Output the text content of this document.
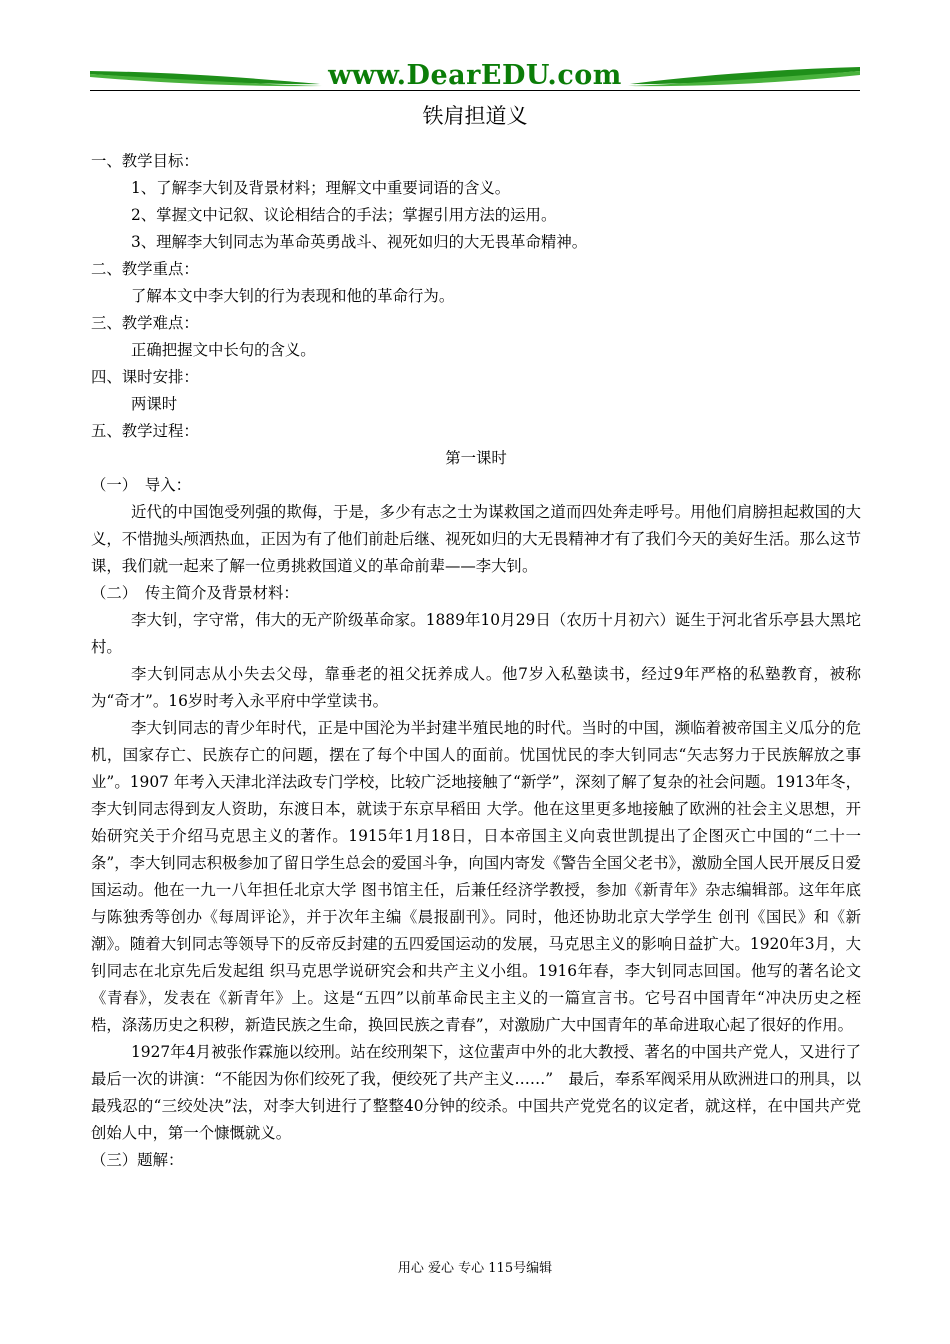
www.DearEDU.com
铁肩担道义

一、教学目标：

1、了解李大钊及背景材料；理解文中重要词语的含义。

2、掌握文中记叙、议论相结合的手法；掌握引用方法的运用。

3、理解李大钊同志为革命英勇战斗、视死如归的大无畏革命精神。

二、教学重点：

了解本文中李大钊的行为表现和他的革命行为。

三、教学难点：

正确把握文中长句的含义。

四、课时安排：

两课时

五、教学过程：

第一课时

（一）　导入：

近代的中国饱受列强的欺侮，于是，多少有志之士为谋救国之道而四处奔走呼号。用他们肩膀担起救国的大义，不惜抛头颅洒热血，正因为有了他们前赴后继、视死如归的大无畏精神才有了我们今天的美好生活。那么这节课，我们就一起来了解一位勇挑救国道义的革命前辈——李大钊。

（二）　传主简介及背景材料：

李大钊，字守常，伟大的无产阶级革命家。1889年10月29日（农历十月初六）诞生于河北省乐亭县大黑坨村。

李大钊同志从小失去父母，靠垂老的祖父抚养成人。他7岁入私塾读书，经过9年严格的私塾教育，被称为“奇才”。16岁时考入永平府中学堂读书。

李大钊同志的青少年时代，正是中国沦为半封建半殖民地的时代。当时的中国，濒临着被帝国主义瓜分的危机，国家存亡、民族存亡的问题，摆在了每个中国人的面前。忧国忧民的李大钊同志“矢志努力于民族解放之事业”。1907 年考入天津北洋法政专门学校，比较广泛地接触了“新学”，深刻了解了复杂的社会问题。1913年冬，李大钊同志得到友人资助，东渡日本，就读于东京早稻田 大学。他在这里更多地接触了欧洲的社会主义思想，开始研究关于介绍马克思主义的著作。1915年1月18日，日本帝国主义向袁世凯提出了企图灭亡中国的“二十一条”，李大钊同志积极参加了留日学生总会的爱国斗争，向国内寄发《警告全国父老书》，激励全国人民开展反日爱国运动。他在一九一八年担任北京大学 图书馆主任，后兼任经济学教授，参加《新青年》杂志编辑部。这年年底与陈独秀等创办《每周评论》，并于次年主编《晨报副刊》。同时，他还协助北京大学学生 创刊《国民》和《新潮》。随着大钊同志等领导下的反帝反封建的五四爱国运动的发展，马克思主义的影响日益扩大。1920年3月，大钊同志在北京先后发起组 织马克思学说研究会和共产主义小组。1916年春，李大钊同志回国。他写的著名论文《青春》，发表在《新青年》上。这是“五四”以前革命民主主义的一篇宣言书。它号召中国青年“冲决历史之桎梏，涤荡历史之积秽，新造民族之生命，换回民族之青春”，对激励广大中国青年的革命进取心起了很好的作用。

1927年4月被张作霖施以绞刑。站在绞刑架下，这位蜚声中外的北大教授、著名的中国共产党人，又进行了最后一次的讲演：“不能因为你们绞死了我，便绞死了共产主义……”　最后，奉系军阀采用从欧洲进口的刑具，以最残忍的“三绞处决”法，对李大钊进行了整整40分钟的绞杀。中国共产党党名的议定者，就这样，在中国共产党创始人中，第一个慷慨就义。

（三）题解：

用心 爱心 专心 115号编辑
